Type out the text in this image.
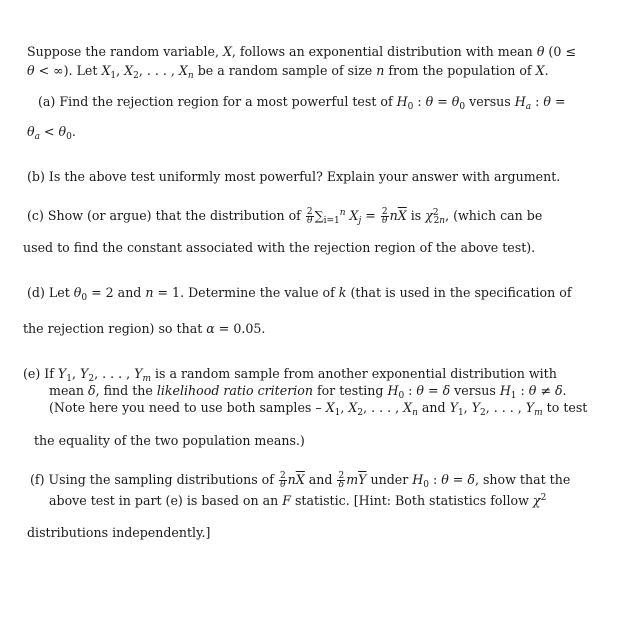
Suppose the random variable, X, follows an exponential distribution with mean θ (0 ≤
θ < ∞). Let $X_1$, $X_2$, . . . , $X_n$ be a random sample of size n from the population of X.
(a) Find the rejection region for a most powerful test of $H_0$ : $\theta = \theta_0$ versus $H_a$ : θ =
$\theta_a < \theta_0$.
(b) Is the above test uniformly most powerful? Explain your answer with argument.
(c) Show (or argue) that the distribution of $\frac{2}{\theta} \sum_{i=1}^n$ $X_j = \frac{2}{\theta} n\overline{X}$ is $\chi^2_{2n}$, (which can be
used to find the constant associated with the rejection region of the above test).
(d) Let $\theta_0 = 2$ and n = 1. Determine the value of k (that is used in the specification of
the rejection region) so that α = 0.05.
(e) If $Y_1$, $Y_2$, . . . , $Y_m$ is a random sample from another exponential distribution with
mean δ, find the likelihood ratio criterion for testing $H_0$ : θ = δ versus $H_1$ : θ ≠ δ.
(Note here you need to use both samples – $X_1$, $X_2$, . . . , $X_n$ and $Y_1$, $Y_2$, . . . , $Y_m$ to test
the equality of the two population means.)
(f) Using the sampling distributions of $\frac{2}{\theta} n\overline{X}$ and $\frac{2}{\delta} m\overline{Y}$ under $H_0$ : θ = δ, show that the
above test in part (e) is based on an F statistic. [Hint: Both statistics follow $\chi^2$
distributions independently.]
